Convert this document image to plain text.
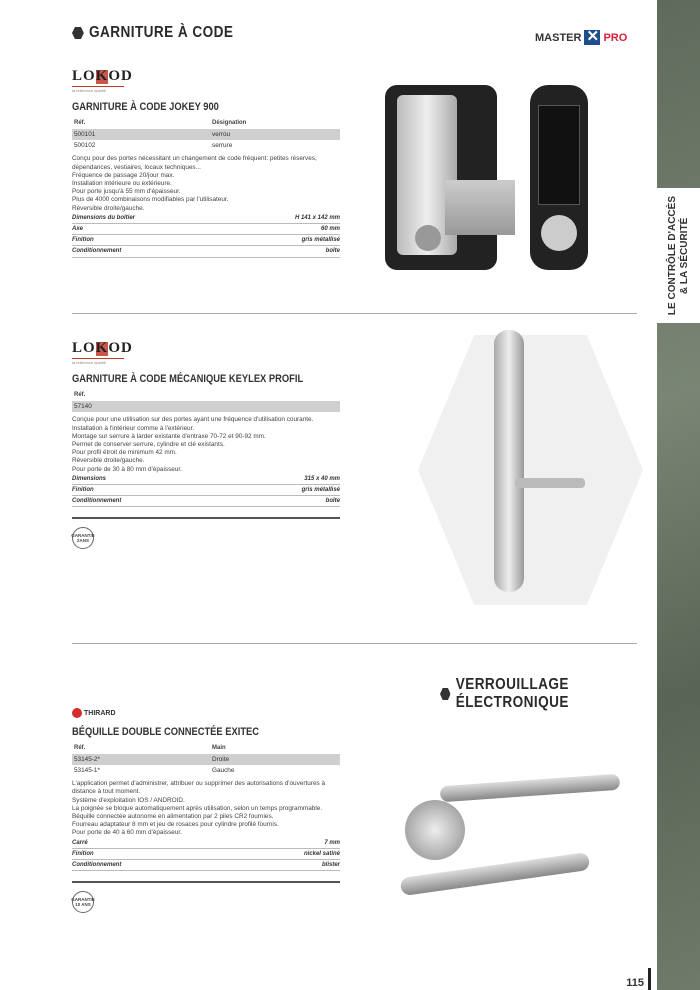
LE CONTRÔLE D'ACCÈS
& LA SÉCURITÉ
GARNITURE À CODE	MASTER ✕ PRO
LOKOD
la référence qualité
GARNITURE À CODE JOKEY 900
Réf.	Désignation
500101	verrou
500102	serrure
Conçu pour des portes nécessitant un changement de code fréquent: petites réserves, dépendances, vestiaires, locaux techniques...
Fréquence de passage 20/jour max.
Installation intérieure ou extérieure.
Pour porte jusqu'à 55 mm d'épaisseur.
Plus de 4000 combinaisons modifiables par l'utilisateur.
Réversible droite/gauche.
Dimensions du boîtier	H 141 x 142 mm
Axe	60 mm
Finition	gris métallisé
Conditionnement	boîte
LOKOD
la référence qualité
GARNITURE À CODE MÉCANIQUE KEYLEX PROFIL
Réf.
57140
Conçue pour une utilisation sur des portes ayant une fréquence d'utilisation courante.
Installation à l'intérieur comme à l'extérieur.
Montage sur serrure à larder existante d'entraxe 70-72 et 90-92 mm.
Permet de conserver serrure, cylindre et clé existants.
Pour profil étroit de minimum 42 mm.
Réversible droite/gauche.
Pour porte de 30 à 80 mm d'épaisseur.
Dimensions	315 x 40 mm
Finition	gris métallisé
Conditionnement	boîte
GARANTIE 2ANS
VERROUILLAGE ÉLECTRONIQUE
THIRARD
BÉQUILLE DOUBLE CONNECTÉE EXITEC
Réf.	Main
53145-2*	Droite
53145-1*	Gauche
L'application permet d'administrer, attribuer ou supprimer des autorisations d'ouvertures à distance à tout moment.
Système d'exploitation IOS / ANDROID.
La poignée se bloque automatiquement après utilisation, selon un temps programmable.
Béquille connectée autonome en alimentation par 2 piles CR2 fournies.
Fourreau adaptateur 8 mm et jeu de rosaces pour cylindre profilé fournis.
Pour porte de 40 à 60 mm d'épaisseur.
Carré	7 mm
Finition	nickel satiné
Conditionnement	blister
GARANTIE 10 ANS
115
